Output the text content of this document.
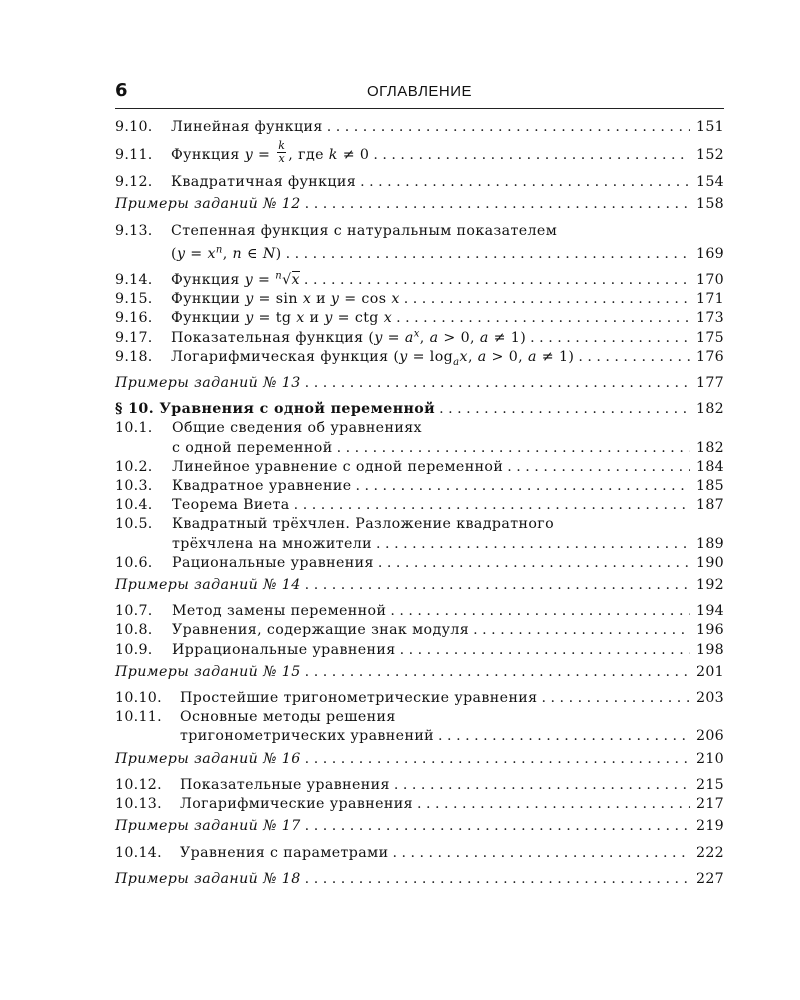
6	ОГЛАВЛЕНИЕ
9.10.	Линейная функция . . .	151
9.11.	Функция $y = \frac{k}{x}$ , где k ≠ 0 . . .	152
9.12.	Квадратичная функция . . .	154
Примеры заданий № 12 . . .	158
9.13.	Степенная функция с натуральным показателем
($y = x^n$, n ∈ N) . . .	169
9.14.	Функция y = $^n$√x . . .	170
9.15.	Функции y = sin x и y = cos x . . .	171
9.16.	Функции y = tg x и y = ctg x . . .	173
9.17.	Показательная функция ($y = a^x$, a > 0, a ≠ 1) . . .	175
9.18.	Логарифмическая функция ($y = \log_ax$, a > 0, a ≠ 1) . . .	176
Примеры заданий № 13 . . .	177
§ 10. Уравнения с одной переменной . . .	182
10.1.	Общие сведения об уравнениях
с одной переменной . . .	182
10.2.	Линейное уравнение с одной переменной . . .	184
10.3.	Квадратное уравнение . . .	185
10.4.	Теорема Виета . . .	187
10.5.	Квадратный трёхчлен. Разложение квадратного
трёхчлена на множители . . .	189
10.6.	Рациональные уравнения . . .	190
Примеры заданий № 14 . . .	192
10.7.	Метод замены переменной . . .	194
10.8.	Уравнения, содержащие знак модуля . . .	196
10.9.	Иррациональные уравнения . . .	198
Примеры заданий № 15 . . .	201
10.10.	Простейшие тригонометрические уравнения . . .	203
10.11.	Основные методы решения
тригонометрических уравнений . . .	206
Примеры заданий № 16 . . .	210
10.12.	Показательные уравнения . . .	215
10.13.	Логарифмические уравнения . . .	217
Примеры заданий № 17 . . .	219
10.14.	Уравнения с параметрами . . .	222
Примеры заданий № 18 . . .	227
